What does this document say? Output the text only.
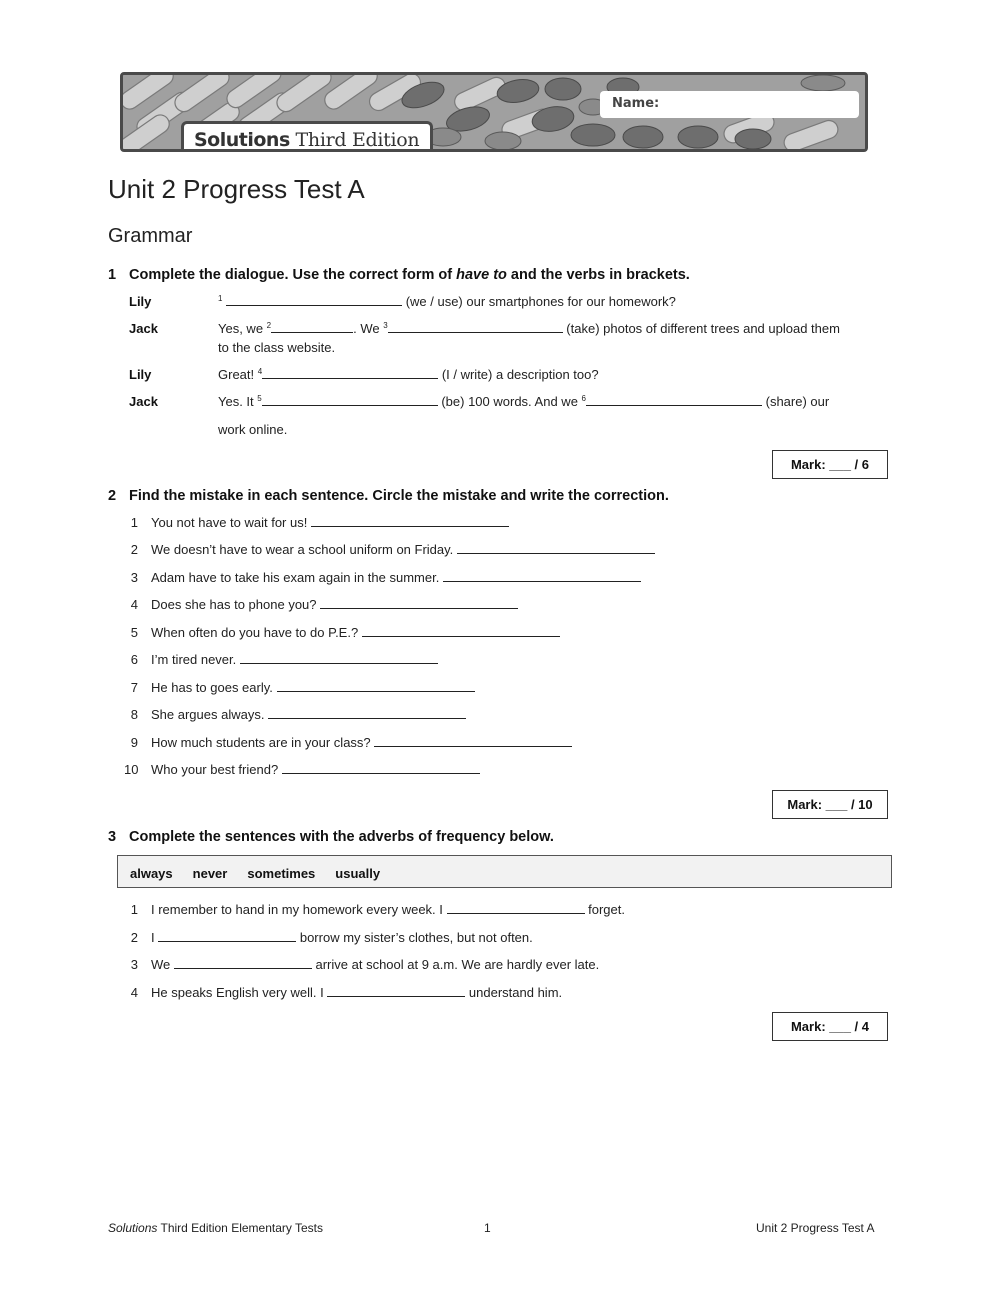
Solutions Third Edition
Name:
Unit 2 Progress Test A
Grammar
1 Complete the dialogue. Use the correct form of have to and the verbs in brackets.
Lily	$^1$	(we / use) our smartphones for our homework?
Jack	Yes, we $^2$	. We $^3$	(take) photos of different trees and upload them
to the class website.
Lily	Great! $^4$	(I / write) a description too?
Jack	Yes. It $^5$	(be) 100 words. And we $^6$	(share) our
work online.
Mark: ___ / 6
2 Find the mistake in each sentence. Circle the mistake and write the correction.
1 You not have to wait for us!
2 We doesn’t have to wear a school uniform on Friday.
3 Adam have to take his exam again in the summer.
4 Does she has to phone you?
5 When often do you have to do P.E.?
6 I’m tired never.
7 He has to goes early.
8 She argues always.
9 How much students are in your class?
10 Who your best friend?
Mark: ___ / 10
3 Complete the sentences with the adverbs of frequency below.
always never sometimes usually
1 I remember to hand in my homework every week. I	forget.
2 I	borrow my sister’s clothes, but not often.
3 We	arrive at school at 9 a.m. We are hardly ever late.
4 He speaks English very well. I	understand him.
Mark: ___ / 4
Solutions Third Edition Elementary Tests	1	Unit 2 Progress Test A
